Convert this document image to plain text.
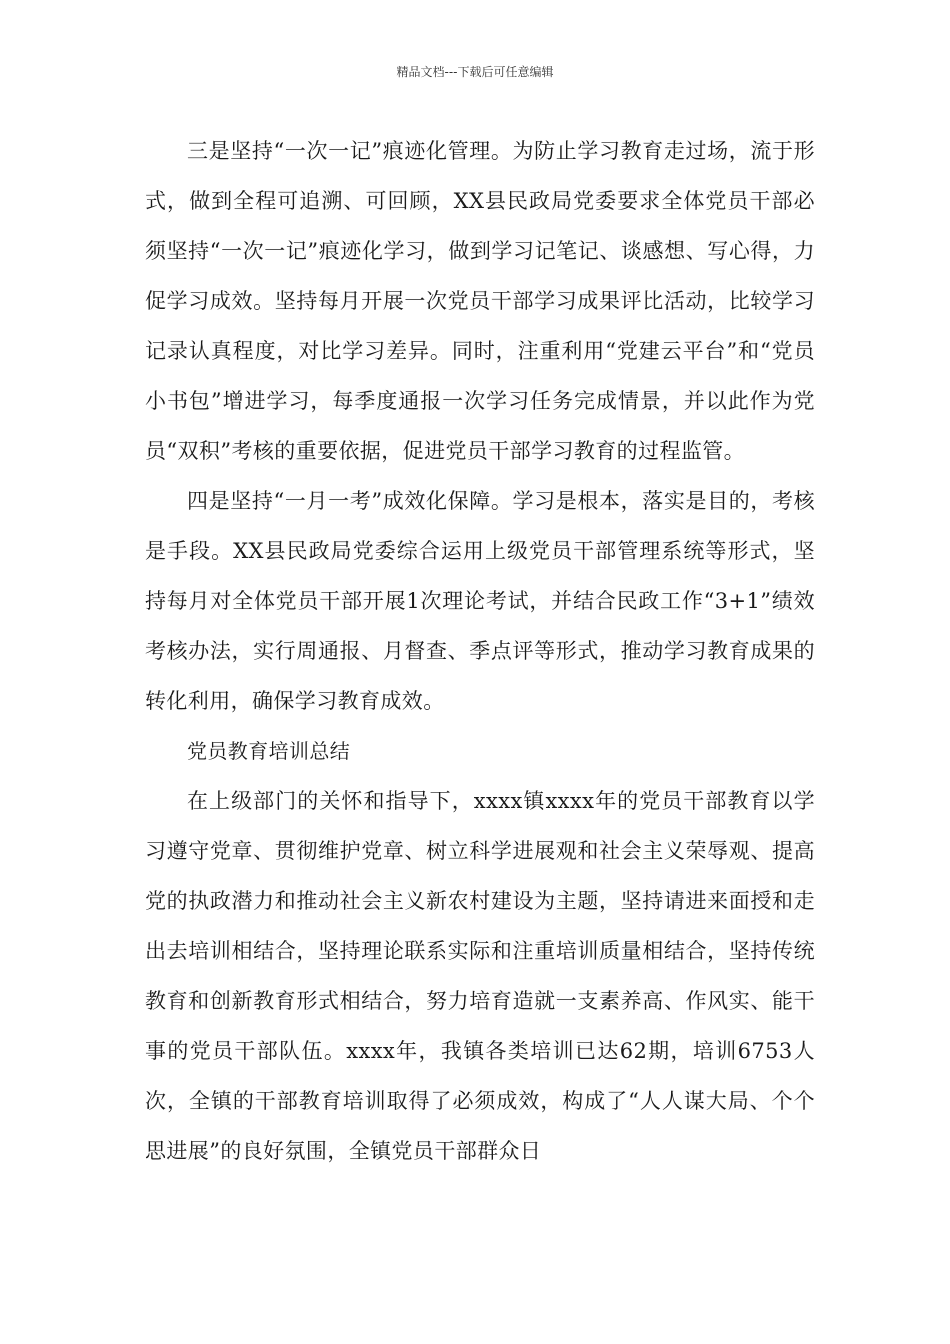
精品文档---下载后可任意编辑

三是坚持“一次一记”痕迹化管理。为防止学习教育走过场，流于形式，做到全程可追溯、可回顾，XX县民政局党委要求全体党员干部必须坚持“一次一记”痕迹化学习，做到学习记笔记、谈感想、写心得，力促学习成效。坚持每月开展一次党员干部学习成果评比活动，比较学习记录认真程度，对比学习差异。同时，注重利用“党建云平台”和“党员小书包”增进学习，每季度通报一次学习任务完成情景，并以此作为党员“双积”考核的重要依据，促进党员干部学习教育的过程监管。

四是坚持“一月一考”成效化保障。学习是根本，落实是目的，考核是手段。XX县民政局党委综合运用上级党员干部管理系统等形式，坚持每月对全体党员干部开展1次理论考试，并结合民政工作“3+1”绩效考核办法，实行周通报、月督查、季点评等形式，推动学习教育成果的转化利用，确保学习教育成效。

党员教育培训总结

在上级部门的关怀和指导下，xxxx镇xxxx年的党员干部教育以学习遵守党章、贯彻维护党章、树立科学进展观和社会主义荣辱观、提高党的执政潜力和推动社会主义新农村建设为主题，坚持请进来面授和走出去培训相结合，坚持理论联系实际和注重培训质量相结合，坚持传统教育和创新教育形式相结合，努力培育造就一支素养高、作风实、能干事的党员干部队伍。xxxx年，我镇各类培训已达62期，培训6753人次，全镇的干部教育培训取得了必须成效，构成了“人人谋大局、个个思进展”的良好氛围，全镇党员干部群众日
